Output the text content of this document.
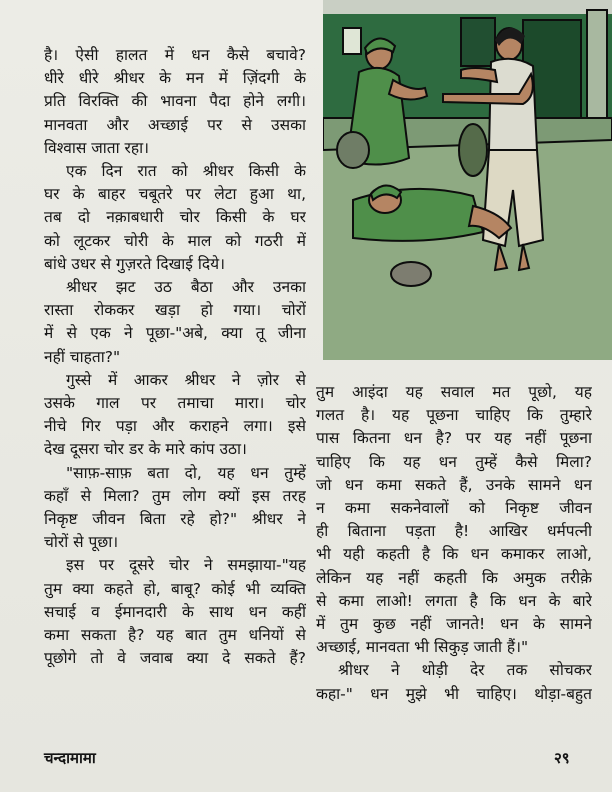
है। ऐसी हालत में धन कैसे बचावे?

धीरे धीरे श्रीधर के मन में ज़िंदगी के

प्रति विरक्ति की भावना पैदा होने लगी।

मानवता और अच्छाई पर से उसका

विश्वास जाता रहा।

एक दिन रात को श्रीधर किसी के

घर के बाहर चबूतरे पर लेटा हुआ था,

तब दो नक़ाबधारी चोर किसी के घर

को लूटकर चोरी के माल को गठरी में

बांधे उधर से गुज़रते दिखाई दिये।

श्रीधर झट उठ बैठा और उनका

रास्ता रोककर खड़ा हो गया। चोरों

में से एक ने पूछा-"अबे, क्या तू जीना

नहीं चाहता?"

गुस्से में आकर श्रीधर ने ज़ोर से

उसके गाल पर तमाचा मारा। चोर

नीचे गिर पड़ा और कराहने लगा। इसे

देख दूसरा चोर डर के मारे कांप उठा।

"साफ़-साफ़ बता दो, यह धन तुम्हें

कहाँ से मिला? तुम लोग क्यों इस तरह

निकृष्ट जीवन बिता रहे हो?" श्रीधर ने

चोरों से पूछा।

इस पर दूसरे चोर ने समझाया-"यह

तुम क्या कहते हो, बाबू? कोई भी व्यक्ति

सचाई व ईमानदारी के साथ धन कहीं

कमा सकता है? यह बात तुम धनियों से

पूछोगे तो वे जवाब क्या दे सकते हैं?

तुम आइंदा यह सवाल मत पूछो, यह

गलत है। यह पूछना चाहिए कि तुम्हारे

पास कितना धन है? पर यह नहीं पूछना

चाहिए कि यह धन तुम्हें कैसे मिला?

जो धन कमा सकते हैं, उनके सामने धन

न कमा सकनेवालों को निकृष्ट जीवन

ही बिताना पड़ता है! आखिर धर्मपत्नी

भी यही कहती है कि धन कमाकर लाओ,

लेकिन यह नहीं कहती कि अमुक तरीक़े

से कमा लाओ! लगता है कि धन के बारे

में तुम कुछ नहीं जानते! धन के सामने

अच्छाई, मानवता भी सिकुड़ जाती हैं।"

श्रीधर ने थोड़ी देर तक सोचकर

कहा-" धन मुझे भी चाहिए। थोड़ा-बहुत

चन्दामामा	२९
